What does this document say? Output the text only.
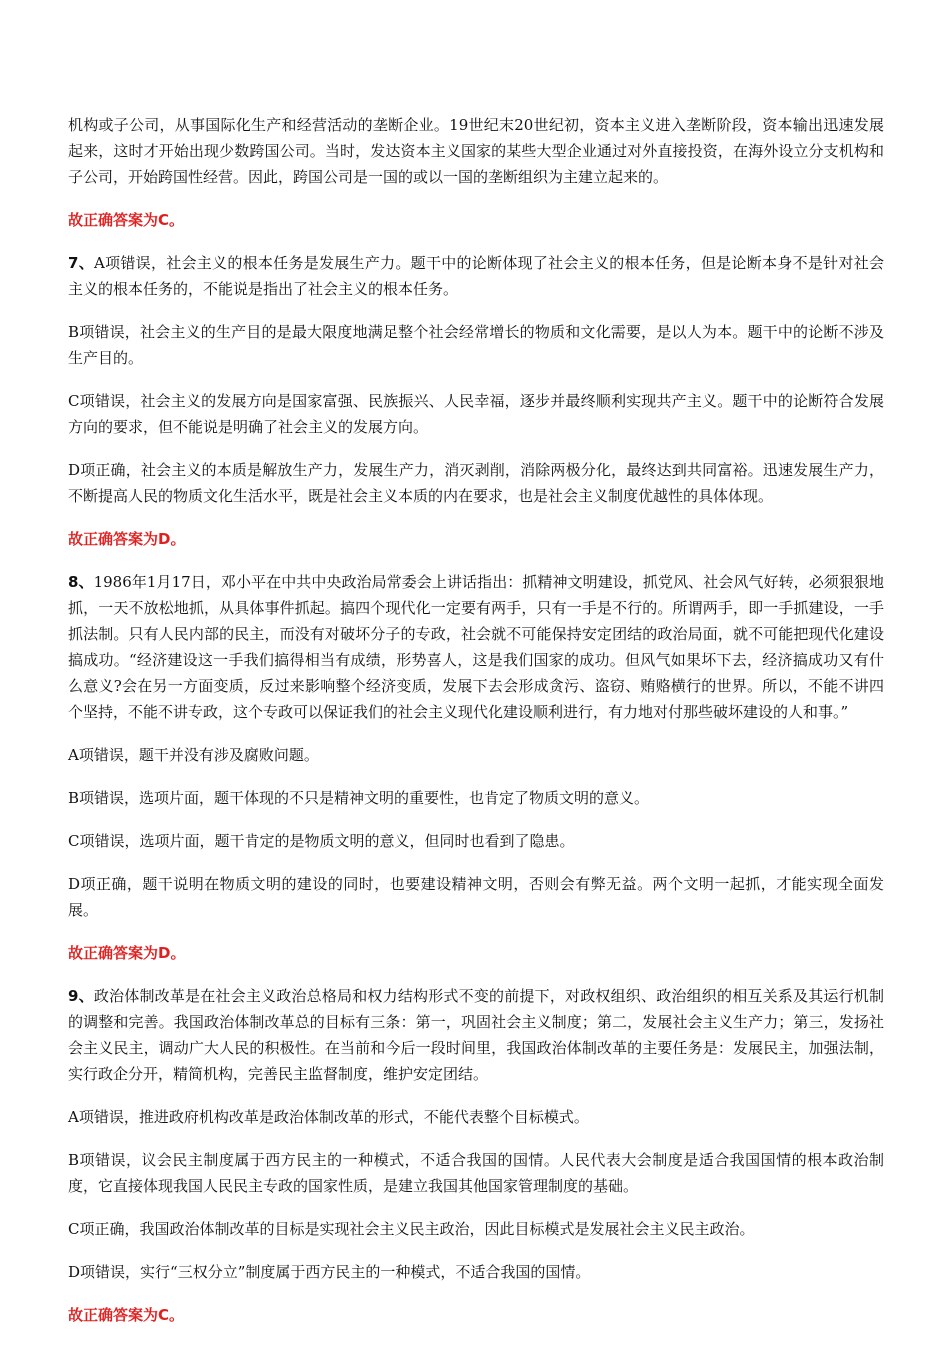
机构或子公司，从事国际化生产和经营活动的垄断企业。19世纪末20世纪初，资本主义进入垄断阶段，资本输出迅速发展起来，这时才开始出现少数跨国公司。当时，发达资本主义国家的某些大型企业通过对外直接投资，在海外设立分支机构和子公司，开始跨国性经营。因此，跨国公司是一国的或以一国的垄断组织为主建立起来的。

故正确答案为C。

7、A项错误，社会主义的根本任务是发展生产力。题干中的论断体现了社会主义的根本任务，但是论断本身不是针对社会主义的根本任务的，不能说是指出了社会主义的根本任务。

B项错误，社会主义的生产目的是最大限度地满足整个社会经常增长的物质和文化需要，是以人为本。题干中的论断不涉及生产目的。

C项错误，社会主义的发展方向是国家富强、民族振兴、人民幸福，逐步并最终顺利实现共产主义。题干中的论断符合发展方向的要求，但不能说是明确了社会主义的发展方向。

D项正确，社会主义的本质是解放生产力，发展生产力，消灭剥削，消除两极分化，最终达到共同富裕。迅速发展生产力，不断提高人民的物质文化生活水平，既是社会主义本质的内在要求，也是社会主义制度优越性的具体体现。

故正确答案为D。

8、1986年1月17日，邓小平在中共中央政治局常委会上讲话指出：抓精神文明建设，抓党风、社会风气好转，必须狠狠地抓，一天不放松地抓，从具体事件抓起。搞四个现代化一定要有两手，只有一手是不行的。所谓两手，即一手抓建设，一手抓法制。只有人民内部的民主，而没有对破坏分子的专政，社会就不可能保持安定团结的政治局面，就不可能把现代化建设搞成功。“经济建设这一手我们搞得相当有成绩，形势喜人，这是我们国家的成功。但风气如果坏下去，经济搞成功又有什么意义?会在另一方面变质，反过来影响整个经济变质，发展下去会形成贪污、盗窃、贿赂横行的世界。所以，不能不讲四个坚持，不能不讲专政，这个专政可以保证我们的社会主义现代化建设顺利进行，有力地对付那些破坏建设的人和事。”

A项错误，题干并没有涉及腐败问题。

B项错误，选项片面，题干体现的不只是精神文明的重要性，也肯定了物质文明的意义。

C项错误，选项片面，题干肯定的是物质文明的意义，但同时也看到了隐患。

D项正确，题干说明在物质文明的建设的同时，也要建设精神文明，否则会有弊无益。两个文明一起抓，才能实现全面发展。

故正确答案为D。

9、政治体制改革是在社会主义政治总格局和权力结构形式不变的前提下，对政权组织、政治组织的相互关系及其运行机制的调整和完善。我国政治体制改革总的目标有三条：第一，巩固社会主义制度；第二，发展社会主义生产力；第三，发扬社会主义民主，调动广大人民的积极性。在当前和今后一段时间里，我国政治体制改革的主要任务是：发展民主，加强法制，实行政企分开，精简机构，完善民主监督制度，维护安定团结。

A项错误，推进政府机构改革是政治体制改革的形式，不能代表整个目标模式。

B项错误，议会民主制度属于西方民主的一种模式，不适合我国的国情。人民代表大会制度是适合我国国情的根本政治制度，它直接体现我国人民民主专政的国家性质，是建立我国其他国家管理制度的基础。

C项正确，我国政治体制改革的目标是实现社会主义民主政治，因此目标模式是发展社会主义民主政治。

D项错误，实行“三权分立”制度属于西方民主的一种模式，不适合我国的国情。

故正确答案为C。
